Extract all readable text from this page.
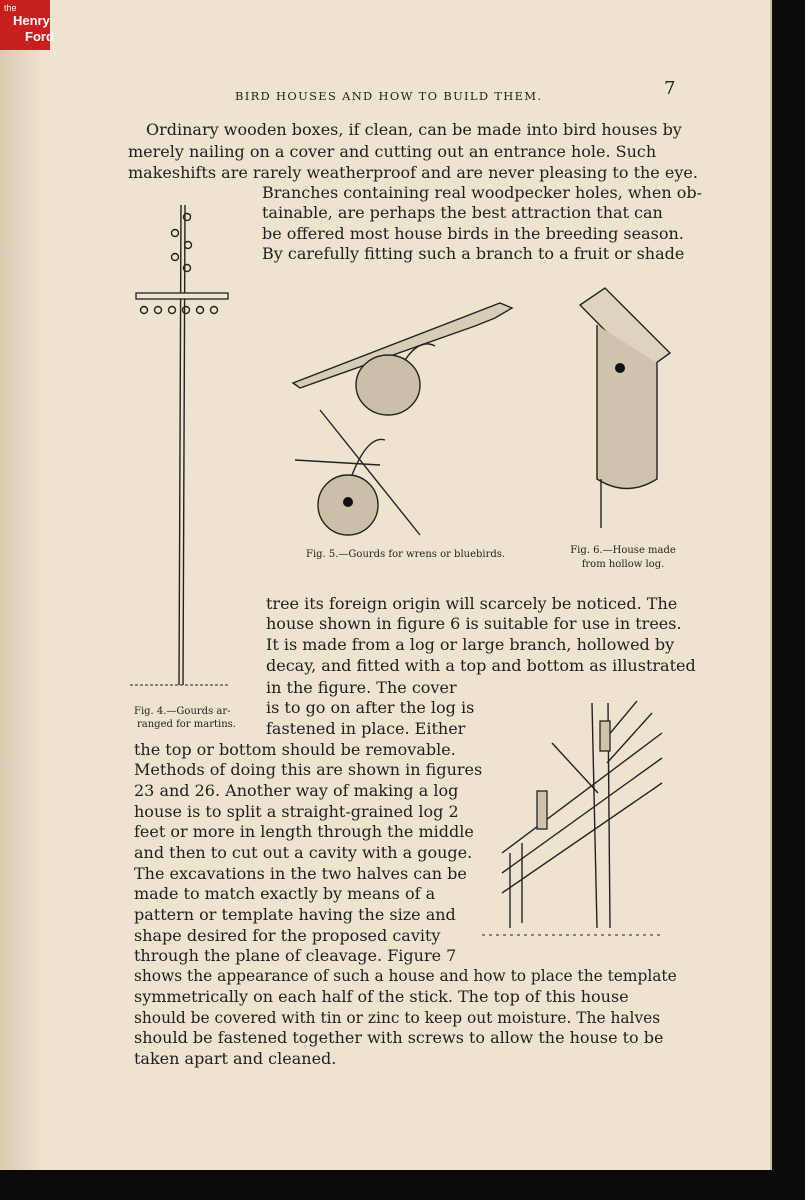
the
Henry
Ford
BIRD HOUSES AND HOW TO BUILD THEM.	7
Ordinary wooden boxes, if clean, can be made into bird houses by
merely nailing on a cover and cutting out an entrance hole. Such
makeshifts are rarely weatherproof and are never pleasing to the eye.
Branches containing real woodpecker holes, when ob-
tainable, are perhaps the best attraction that can
be offered most house birds in the breeding season.
By carefully fitting such a branch to a fruit or shade
tree its foreign origin will scarcely be noticed. The
house shown in figure 6 is suitable for use in trees.
It is made from a log or large branch, hollowed by
decay, and fitted with a top and bottom as illustrated
in the figure. The cover
is to go on after the log is
fastened in place. Either
the top or bottom should be removable.
Methods of doing this are shown in figures
23 and 26. Another way of making a log
house is to split a straight-grained log 2
feet or more in length through the middle
and then to cut out a cavity with a gouge.
The excavations in the two halves can be
made to match exactly by means of a
pattern or template having the size and
shape desired for the proposed cavity
through the plane of cleavage. Figure 7
shows the appearance of such a house and how to place the template
symmetrically on each half of the stick. The top of this house
should be covered with tin or zinc to keep out moisture. The halves
should be fastened together with screws to allow the house to be
taken apart and cleaned.
Fig. 4.—Gourds ar-
ranged for martins.
Fig. 5.—Gourds for wrens or bluebirds.	Fig. 6.—House made
from hollow log.
